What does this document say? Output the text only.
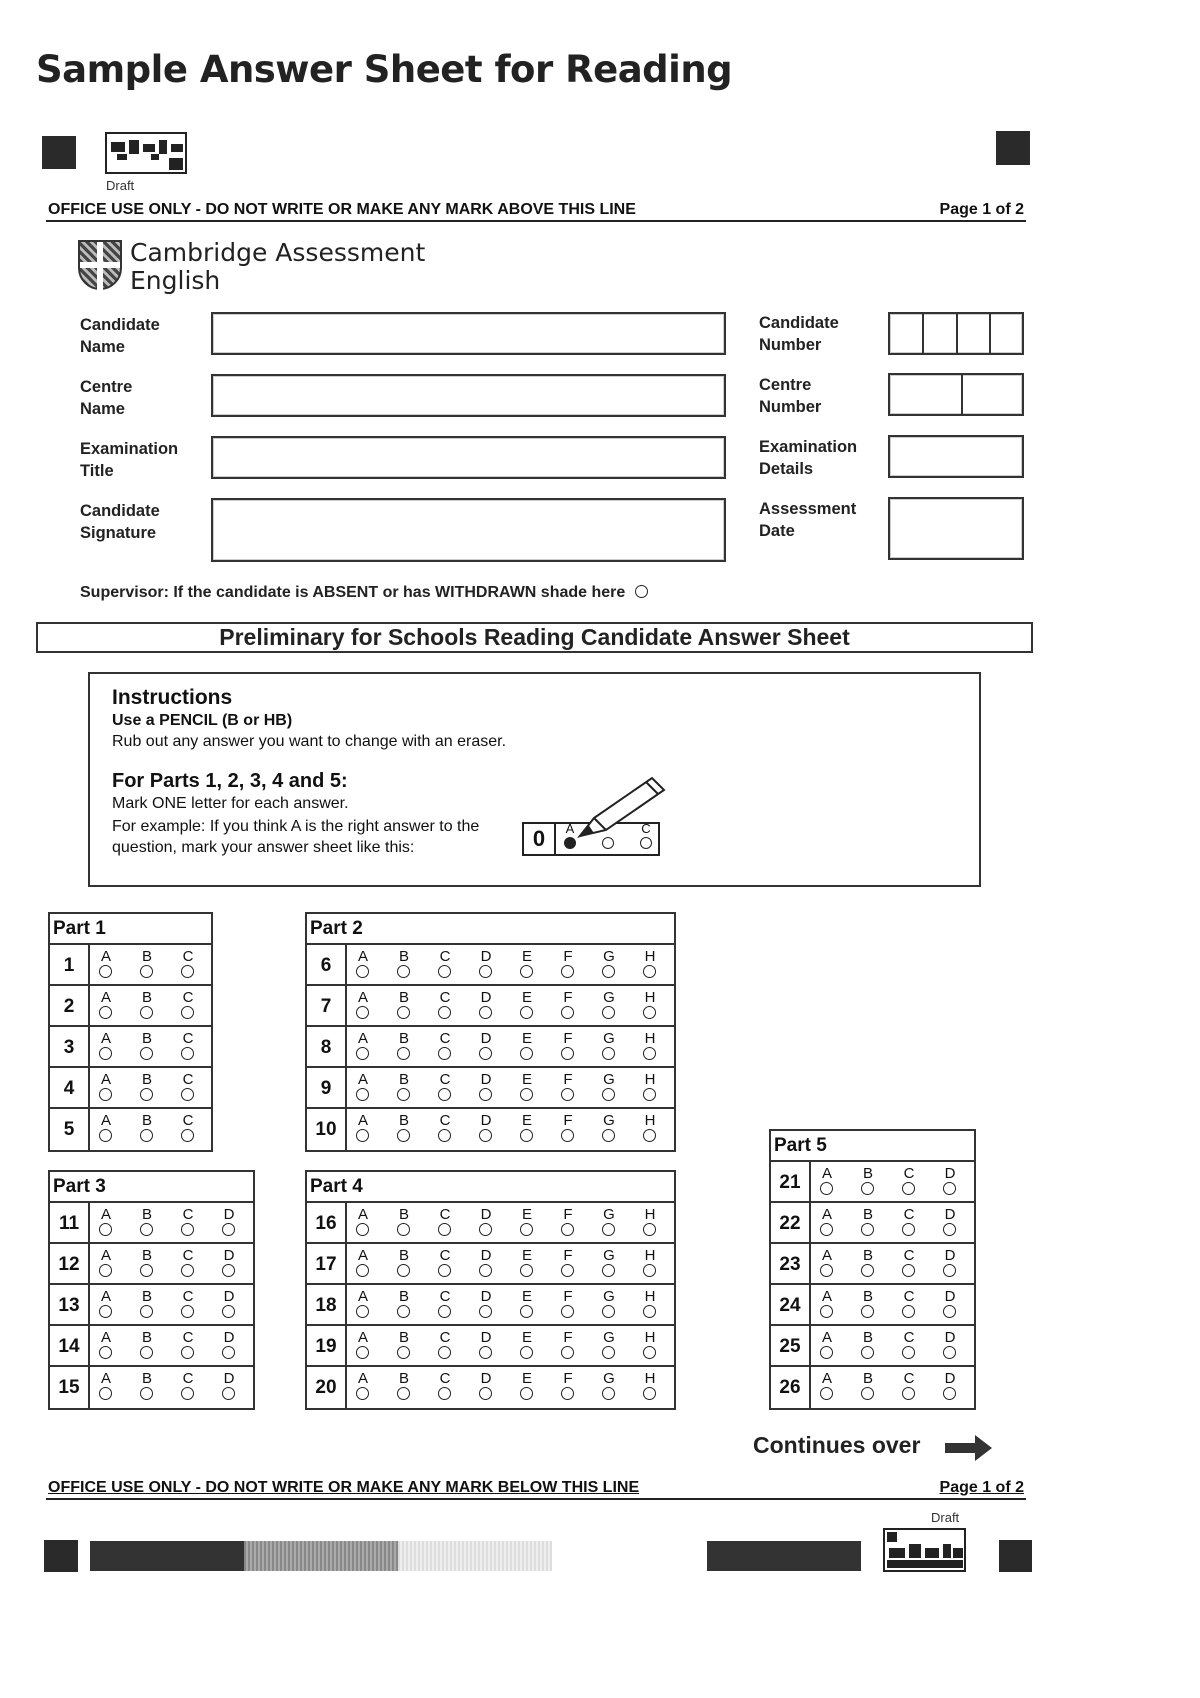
Sample Answer Sheet for Reading
Draft
OFFICE USE ONLY - DO NOT WRITE OR MAKE ANY MARK ABOVE THIS LINE	Page 1 of 2
Cambridge Assessment
English
Candidate Name
Centre Name
Examination Title
Candidate Signature
Candidate Number
Centre Number
Examination Details
Assessment Date
Supervisor: If the candidate is ABSENT or has WITHDRAWN shade here
Preliminary for Schools Reading Candidate Answer Sheet
Instructions
Use a PENCIL (B or HB)
Rub out any answer you want to change with an eraser.
For Parts 1, 2, 3, 4 and 5:
Mark ONE letter for each answer.
For example: If you think A is the right answer to the question, mark your answer sheet like this:	0	A	C
Part 1
1	A B C
2	A B C
3	A B C
4	A B C
5	A B C
Part 2
6	A B C D E F G H
7	A B C D E F G H
8	A B C D E F G H
9	A B C D E F G H
10	A B C D E F G H
Part 3
11	A B C D
12	A B C D
13	A B C D
14	A B C D
15	A B C D
Part 4
16	A B C D E F G H
17	A B C D E F G H
18	A B C D E F G H
19	A B C D E F G H
20	A B C D E F G H
Part 5
21	A B C D
22	A B C D
23	A B C D
24	A B C D
25	A B C D
26	A B C D
Continues over
OFFICE USE ONLY - DO NOT WRITE OR MAKE ANY MARK BELOW THIS LINE	Page 1 of 2
Draft
